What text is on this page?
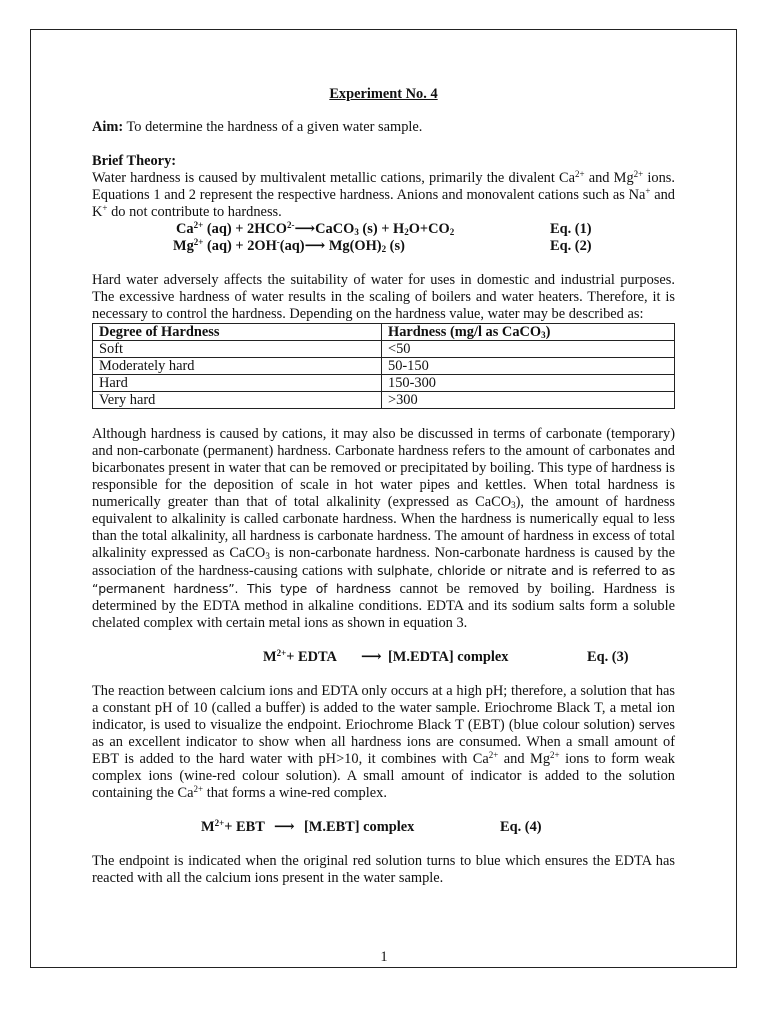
Experiment No. 4

Aim: To determine the hardness of a given water sample.

Brief Theory:

Water hardness is caused by multivalent metallic cations, primarily the divalent $Ca^{2+}$ and $Mg^{2+}$ ions. Equations 1 and 2 represent the respective hardness. Anions and monovalent cations such as Na+ and K+ do not contribute to hardness.

$Ca^{2+}$ $(aq) + 2HCO^{2-}⟶CaCO_3$ $(s) + H_2O+CO_2$	Eq. (1)
$Mg^{2+}$ (aq) + 2OH-(aq)⟶ $Mg(OH)_2$ (s)	Eq. (2)

Hard water adversely affects the suitability of water for uses in domestic and industrial purposes. The excessive hardness of water results in the scaling of boilers and water heaters. Therefore, it is necessary to control the hardness. Depending on the hardness value, water may be described as:

Degree of Hardness	Hardness (mg/l as CaCO$_3$)
Soft	<50
Moderately hard	50-150
Hard	150-300
Very hard	>300

Although hardness is caused by cations, it may also be discussed in terms of carbonate (temporary) and non-carbonate (permanent) hardness. Carbonate hardness refers to the amount of carbonates and bicarbonates present in water that can be removed or precipitated by boiling. This type of hardness is responsible for the deposition of scale in hot water pipes and kettles. When total hardness is numerically greater than that of total alkalinity (expressed as CaCO$_3$), the amount of hardness equivalent to alkalinity is called carbonate hardness. When the hardness is numerically equal to less than the total alkalinity, all hardness is carbonate hardness. The amount of hardness in excess of total alkalinity expressed as CaCO$_3$ is non-carbonate hardness. Non-carbonate hardness is caused by the association of the hardness-causing cations with sulphate, chloride or nitrate and is referred to as “permanent hardness”. This type of hardness cannot be removed by boiling. Hardness is determined by the EDTA method in alkaline conditions. EDTA and its sodium salts form a soluble chelated complex with certain metal ions as shown in equation 3.

$M^{2+}+$ EDTA ⟶ [M.EDTA] complex	Eq. (3)

The reaction between calcium ions and EDTA only occurs at a high pH; therefore, a solution that has a constant pH of 10 (called a buffer) is added to the water sample. Eriochrome Black T, a metal ion indicator, is used to visualize the endpoint. Eriochrome Black T (EBT) (blue colour solution) serves as an excellent indicator to show when all hardness ions are consumed. When a small amount of EBT is added to the hard water with pH>10, it combines with $Ca^{2+}$ and $Mg^{2+}$ ions to form weak complex ions (wine-red colour solution). A small amount of indicator is added to the solution containing the $Ca^{2+}$ that forms a wine-red complex.

$M^{2+}+$ EBT ⟶ [M.EBT] complex	Eq. (4)

The endpoint is indicated when the original red solution turns to blue which ensures the EDTA has reacted with all the calcium ions present in the water sample.

1
